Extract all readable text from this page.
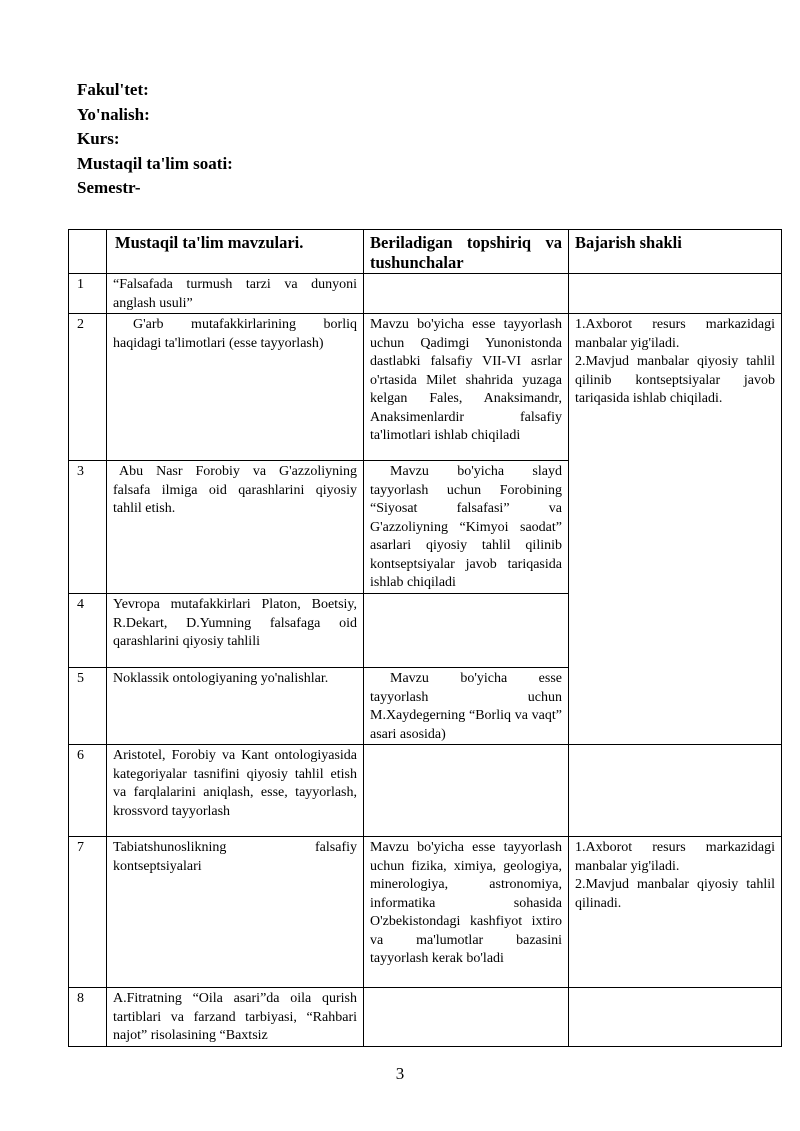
Fakul'tet:
Yo'nalish:
Kurs:
Mustaqil ta'lim soati:
Semestr-
	Mustaqil ta'lim mavzulari.	Beriladigan topshiriq va tushunchalar	Bajarish shakli
1	“Falsafada turmush tarzi va dunyoni anglash usuli”		
2	G'arb mutafakkirlarining borliq haqidagi ta'limotlari (esse tayyorlash)	Mavzu bo'yicha esse tayyorlash uchun Qadimgi Yunonistonda dastlabki falsafiy VII-VI asrlar o'rtasida Milet shahrida yuzaga kelgan Fales, Anaksimandr, Anaksimenlardir falsafiy ta'limotlari ishlab chiqiladi	1.Axborot resurs markazidagi manbalar yig'iladi.
2.Mavjud manbalar qiyosiy tahlil qilinib kontseptsiyalar javob tariqasida ishlab chiqiladi.
3	Abu Nasr Forobiy va G'azzoliyning falsafa ilmiga oid qarashlarini qiyosiy tahlil etish.	Mavzu bo'yicha slayd tayyorlash uchun Forobining “Siyosat falsafasi” va G'azzoliyning “Kimyoi saodat” asarlari qiyosiy tahlil qilinib kontseptsiyalar javob tariqasida ishlab chiqiladi	
4	Yevropa mutafakkirlari Platon, Boetsiy, R.Dekart, D.Yumning falsafaga oid qarashlarini qiyosiy tahlili		
5	Noklassik ontologiyaning yo'nalishlar.	Mavzu bo'yicha esse tayyorlash uchun M.Xaydegerning “Borliq va vaqt” asari asosida)	
6	Aristotel, Forobiy va Kant ontologiyasida kategoriyalar tasnifini qiyosiy tahlil etish va farqlalarini aniqlash, esse, tayyorlash, krossvord tayyorlash		
7	Tabiatshunoslikning falsafiy kontseptsiyalari	Mavzu bo'yicha esse tayyorlash uchun fizika, ximiya, geologiya, minerologiya, astronomiya, informatika sohasida O'zbekistondagi kashfiyot ixtiro va ma'lumotlar bazasini tayyorlash kerak bo'ladi	1.Axborot resurs markazidagi manbalar yig'iladi.
2.Mavjud manbalar qiyosiy tahlil qilinadi.
8	A.Fitratning “Oila asari”da oila qurish tartiblari va farzand tarbiyasi, “Rahbari najot” risolasining “Baxtsiz		
3
